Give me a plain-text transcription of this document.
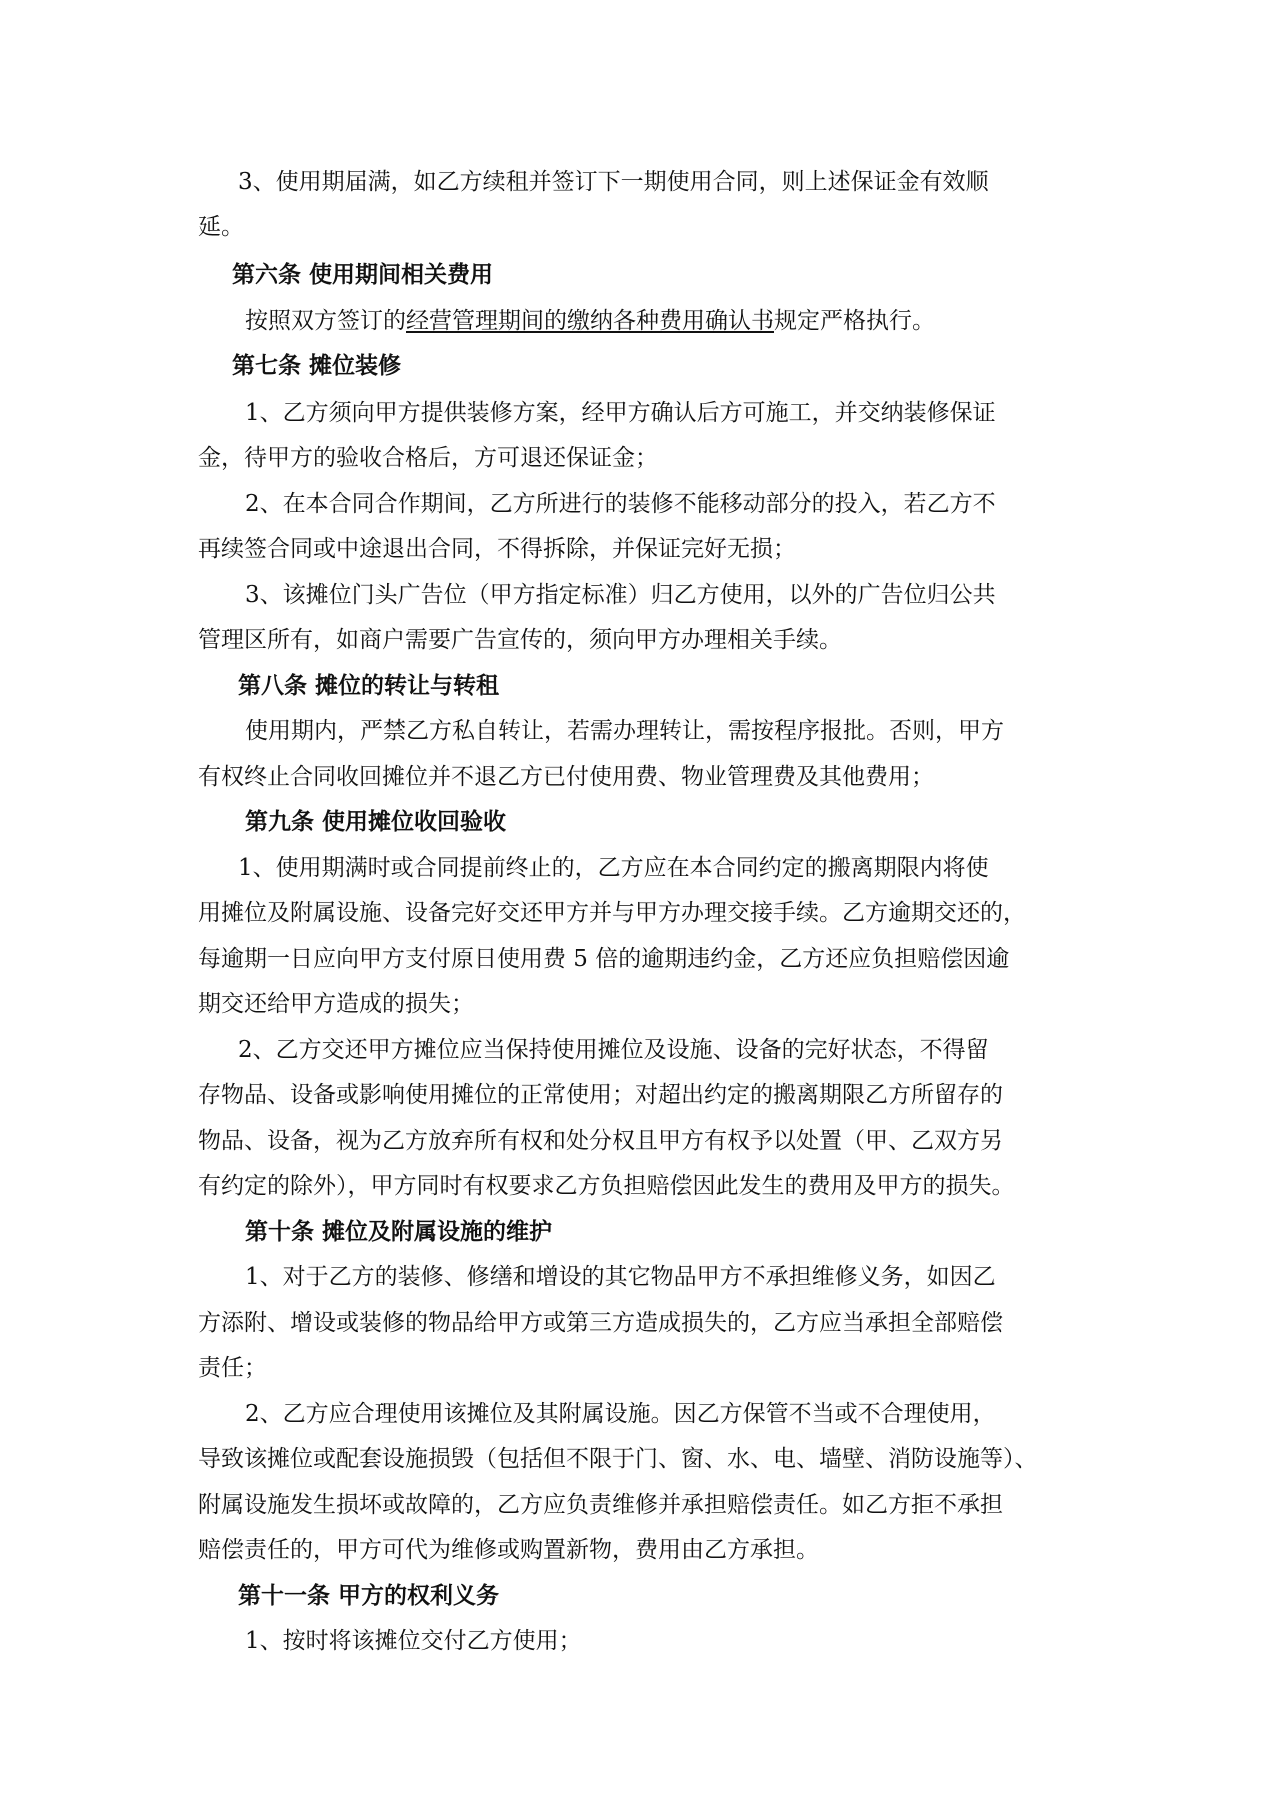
3、使用期届满，如乙方续租并签订下一期使用合同，则上述保证金有效顺

延。

第六条 使用期间相关费用

按照双方签订的经营管理期间的缴纳各种费用确认书规定严格执行。

第七条 摊位装修

1、乙方须向甲方提供装修方案，经甲方确认后方可施工，并交纳装修保证

金，待甲方的验收合格后，方可退还保证金；

2、在本合同合作期间，乙方所进行的装修不能移动部分的投入，若乙方不

再续签合同或中途退出合同，不得拆除，并保证完好无损；

3、该摊位门头广告位（甲方指定标准）归乙方使用，以外的广告位归公共

管理区所有，如商户需要广告宣传的，须向甲方办理相关手续。

第八条 摊位的转让与转租

使用期内，严禁乙方私自转让，若需办理转让，需按程序报批。否则，甲方

有权终止合同收回摊位并不退乙方已付使用费、物业管理费及其他费用；

第九条 使用摊位收回验收

1、使用期满时或合同提前终止的，乙方应在本合同约定的搬离期限内将使

用摊位及附属设施、设备完好交还甲方并与甲方办理交接手续。乙方逾期交还的，

每逾期一日应向甲方支付原日使用费 5 倍的逾期违约金，乙方还应负担赔偿因逾

期交还给甲方造成的损失；

2、乙方交还甲方摊位应当保持使用摊位及设施、设备的完好状态，不得留

存物品、设备或影响使用摊位的正常使用；对超出约定的搬离期限乙方所留存的

物品、设备，视为乙方放弃所有权和处分权且甲方有权予以处置（甲、乙双方另

有约定的除外），甲方同时有权要求乙方负担赔偿因此发生的费用及甲方的损失。

第十条 摊位及附属设施的维护

1、对于乙方的装修、修缮和增设的其它物品甲方不承担维修义务，如因乙

方添附、增设或装修的物品给甲方或第三方造成损失的，乙方应当承担全部赔偿

责任；

2、乙方应合理使用该摊位及其附属设施。因乙方保管不当或不合理使用，

导致该摊位或配套设施损毁（包括但不限于门、窗、水、电、墙壁、消防设施等）、

附属设施发生损坏或故障的，乙方应负责维修并承担赔偿责任。如乙方拒不承担

赔偿责任的，甲方可代为维修或购置新物，费用由乙方承担。

第十一条 甲方的权利义务

1、按时将该摊位交付乙方使用；
